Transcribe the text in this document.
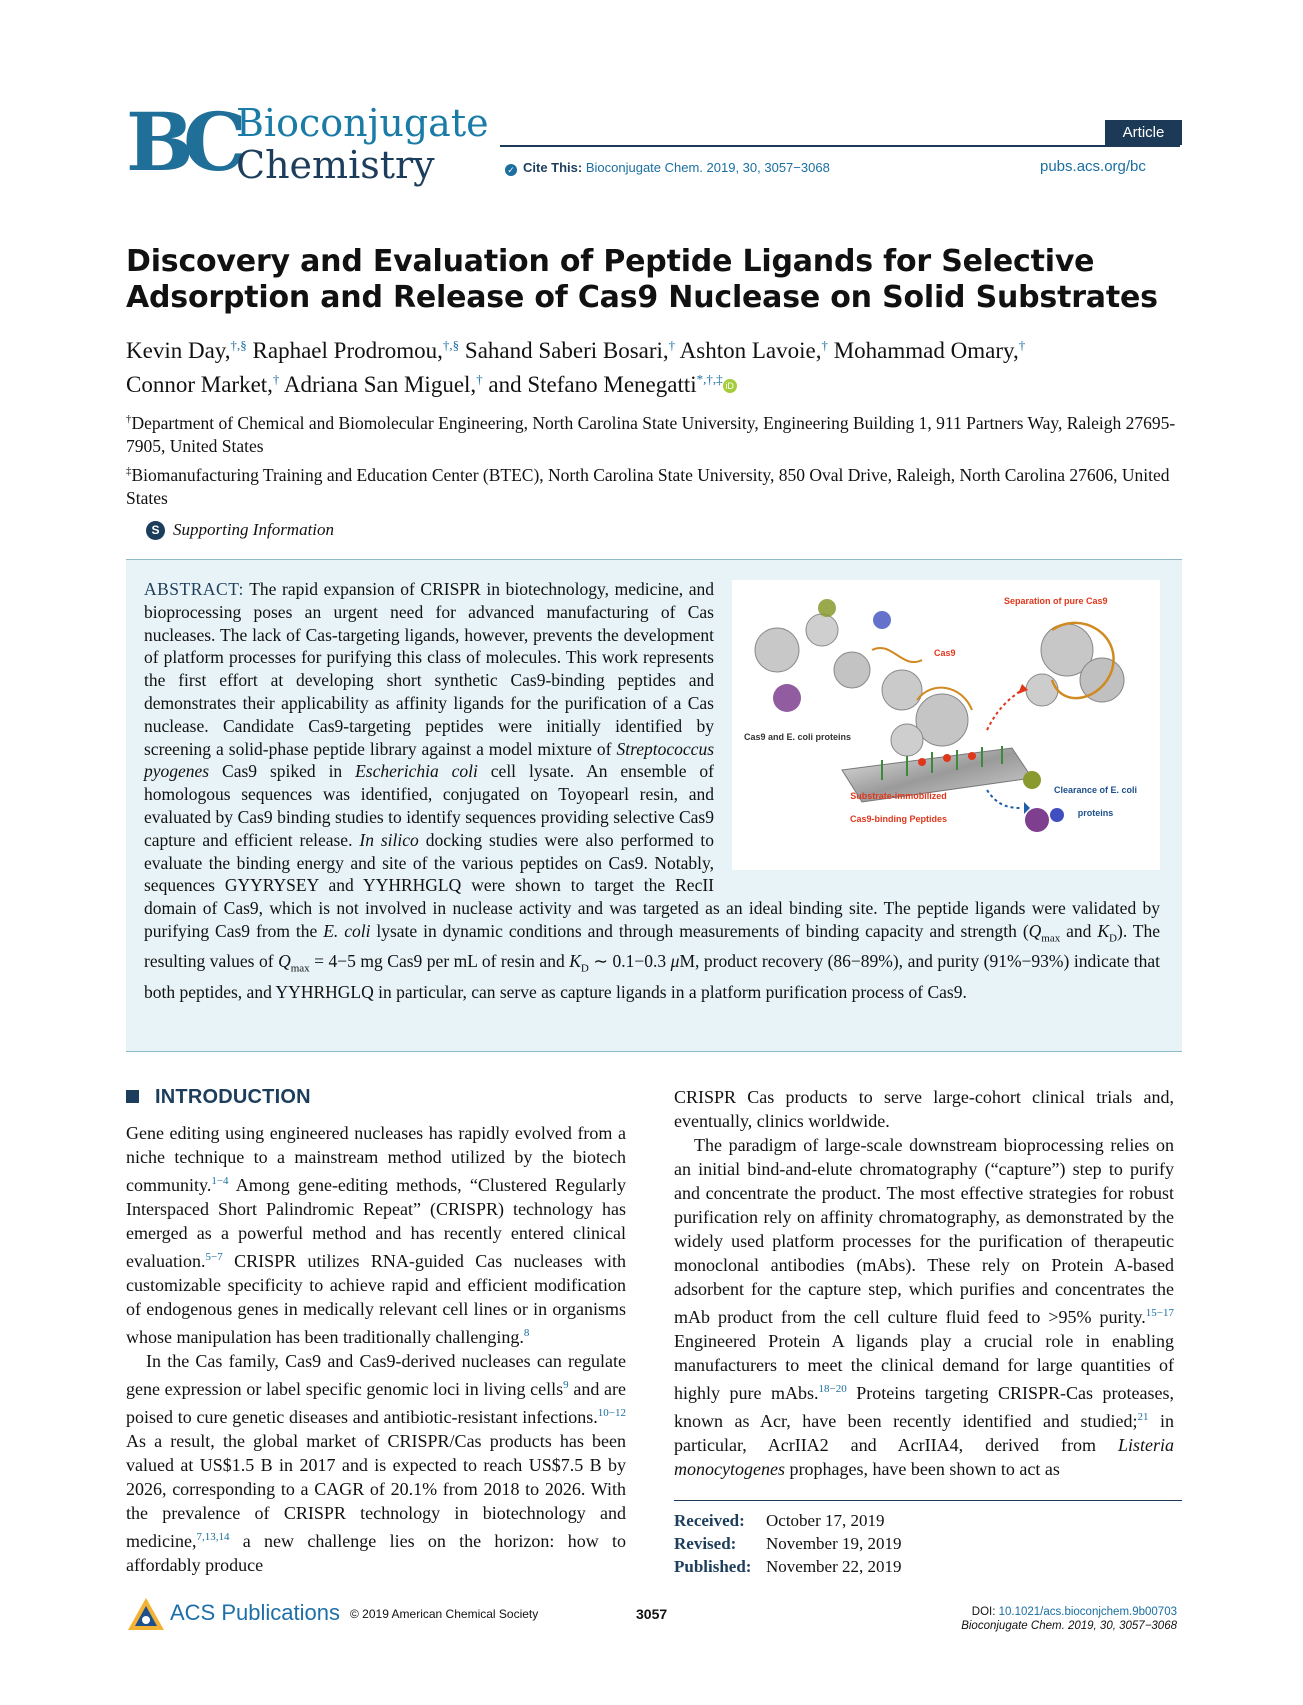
BC Bioconjugate
Chemistry
Article
✓ Cite This: Bioconjugate Chem. 2019, 30, 3057−3068	pubs.acs.org/bc
Discovery and Evaluation of Peptide Ligands for Selective Adsorption and Release of Cas9 Nuclease on Solid Substrates
Kevin Day,†,§ Raphael Prodromou,†,§ Sahand Saberi Bosari,† Ashton Lavoie,† Mohammad Omary,†
Connor Market,† Adriana San Miguel,† and Stefano Menegatti*,†,‡ iD
†Department of Chemical and Biomolecular Engineering, North Carolina State University, Engineering Building 1, 911 Partners Way, Raleigh 27695-7905, United States
‡Biomanufacturing Training and Education Center (BTEC), North Carolina State University, 850 Oval Drive, Raleigh, North Carolina 27606, United States
S Supporting Information

Separation of pure Cas9
Cas9
Cas9 and E. coli proteins
Substrate-immobilized
Cas9-binding Peptides
Clearance of E. coli
proteins
ABSTRACT: The rapid expansion of CRISPR in biotechnology, medicine, and bioprocessing poses an urgent need for advanced manufacturing of Cas nucleases. The lack of Cas-targeting ligands, however, prevents the development of platform processes for purifying this class of molecules. This work represents the first effort at developing short synthetic Cas9-binding peptides and demonstrates their applicability as affinity ligands for the purification of a Cas nuclease. Candidate Cas9-targeting peptides were initially identified by screening a solid-phase peptide library against a model mixture of Streptococcus pyogenes Cas9 spiked in Escherichia coli cell lysate. An ensemble of homologous sequences was identified, conjugated on Toyopearl resin, and evaluated by Cas9 binding studies to identify sequences providing selective Cas9 capture and efficient release. In silico docking studies were also performed to evaluate the binding energy and site of the various peptides on Cas9. Notably, sequences GYYRYSEY and YYHRHGLQ were shown to target the RecII domain of Cas9, which is not involved in nuclease activity and was targeted as an ideal binding site. The peptide ligands were validated by purifying Cas9 from the E. coli lysate in dynamic conditions and through measurements of binding capacity and strength ($Q_{max}$ and $K_D$). The resulting values of $Q_{max} = 4-5$ mg Cas9 per mL of resin and $K_D$ ∼ 0.1−0.3 μM, product recovery (86−89%), and purity (91%−93%) indicate that both peptides, and YYHRHGLQ in particular, can serve as capture ligands in a platform purification process of Cas9.

INTRODUCTION

Gene editing using engineered nucleases has rapidly evolved from a niche technique to a mainstream method utilized by the biotech community.$^{1-4}$ Among gene-editing methods, “Clustered Regularly Interspaced Short Palindromic Repeat” (CRISPR) technology has emerged as a powerful method and has recently entered clinical evaluation.$^{5-7}$ CRISPR utilizes RNA-guided Cas nucleases with customizable specificity to achieve rapid and efficient modification of endogenous genes in medically relevant cell lines or in organisms whose manipulation has been traditionally challenging.$^8$

In the Cas family, Cas9 and Cas9-derived nucleases can regulate gene expression or label specific genomic loci in living cells$^9$ and are poised to cure genetic diseases and antibiotic-resistant infections.$^{10-12}$ As a result, the global market of CRISPR/Cas products has been valued at US$1.5 B in 2017 and is expected to reach US$7.5 B by 2026, corresponding to a CAGR of 20.1% from 2018 to 2026. With the prevalence of CRISPR technology in biotechnology and medicine,$^{7,13,14}$ a new challenge lies on the horizon: how to affordably produce

CRISPR Cas products to serve large-cohort clinical trials and, eventually, clinics worldwide.

The paradigm of large-scale downstream bioprocessing relies on an initial bind-and-elute chromatography (“capture”) step to purify and concentrate the product. The most effective strategies for robust purification rely on affinity chromatography, as demonstrated by the widely used platform processes for the purification of therapeutic monoclonal antibodies (mAbs). These rely on Protein A-based adsorbent for the capture step, which purifies and concentrates the mAb product from the cell culture fluid feed to >95% purity.$^{15-17}$ Engineered Protein A ligands play a crucial role in enabling manufacturers to meet the clinical demand for large quantities of highly pure mAbs.$^{18-20}$ Proteins targeting CRISPR-Cas proteases, known as Acr, have been recently identified and studied;$^{21}$ in particular, AcrIIA2 and AcrIIA4, derived from Listeria monocytogenes prophages, have been shown to act as

Received:	October 17, 2019
Revised:	November 19, 2019
Published: November 22, 2019
ACS Publications © 2019 American Chemical Society	3057	DOI: 10.1021/acs.bioconjchem.9b00703
Bioconjugate Chem. 2019, 30, 3057−3068
